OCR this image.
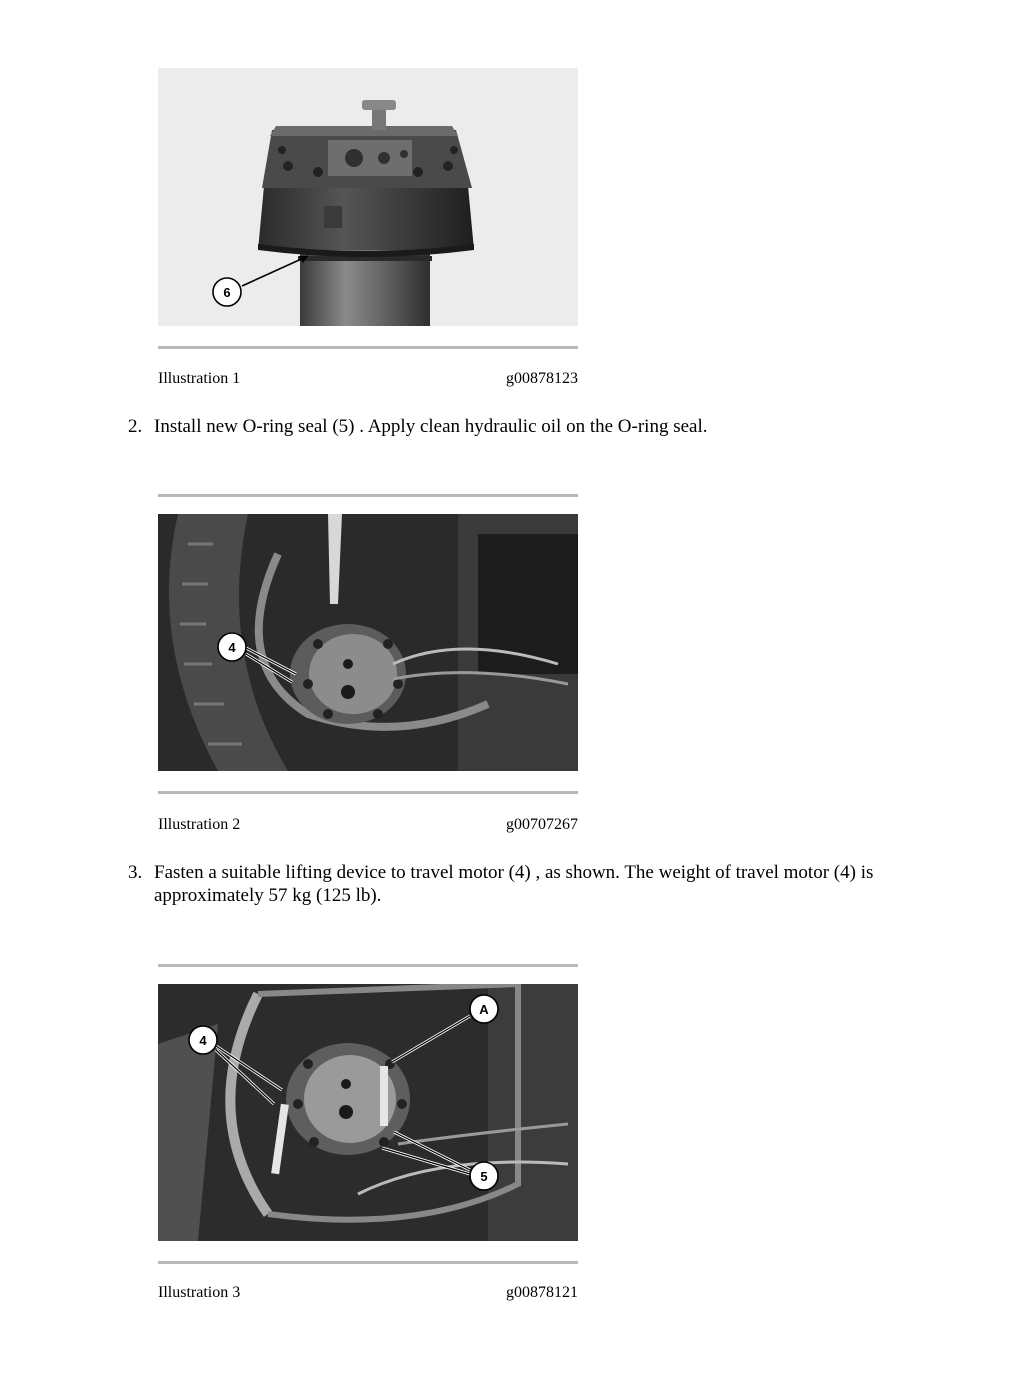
6
Illustration 1	g00878123
2. Install new O-ring seal (5) . Apply clean hydraulic oil on the O-ring seal.
4
Illustration 2	g00707267
3. Fasten a suitable lifting device to travel motor (4) , as shown. The weight of travel motor (4) is approximately 57 kg (125 lb).
4
A
5
Illustration 3	g00878121
